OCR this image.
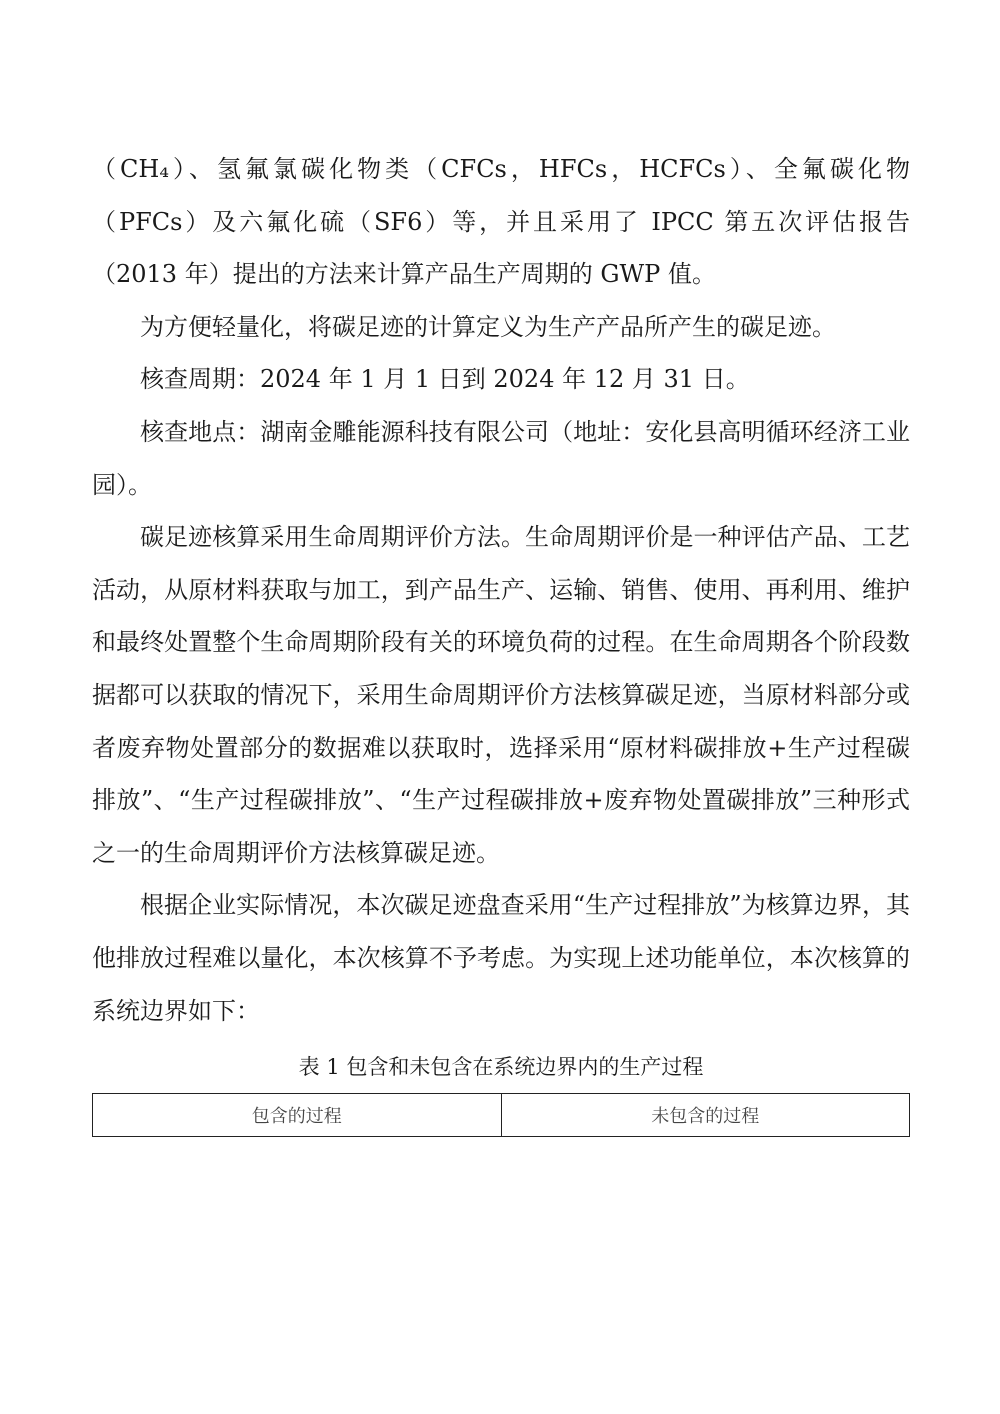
（CH₄）、氢氟氯碳化物类（CFCs，HFCs，HCFCs）、全氟碳化物（PFCs）及六氟化硫（SF6）等，并且采用了 IPCC 第五次评估报告（2013 年）提出的方法来计算产品生产周期的 GWP 值。

为方便轻量化，将碳足迹的计算定义为生产产品所产生的碳足迹。

核查周期：2024 年 1 月 1 日到 2024 年 12 月 31 日。

核查地点：湖南金雕能源科技有限公司（地址：安化县高明循环经济工业园）。

碳足迹核算采用生命周期评价方法。生命周期评价是一种评估产品、工艺活动，从原材料获取与加工，到产品生产、运输、销售、使用、再利用、维护和最终处置整个生命周期阶段有关的环境负荷的过程。在生命周期各个阶段数据都可以获取的情况下，采用生命周期评价方法核算碳足迹，当原材料部分或者废弃物处置部分的数据难以获取时，选择采用“原材料碳排放+生产过程碳排放”、“生产过程碳排放”、“生产过程碳排放+废弃物处置碳排放”三种形式之一的生命周期评价方法核算碳足迹。

根据企业实际情况，本次碳足迹盘查采用“生产过程排放”为核算边界，其他排放过程难以量化，本次核算不予考虑。为实现上述功能单位，本次核算的系统边界如下：

表 1 包含和未包含在系统边界内的生产过程
包含的过程	未包含的过程
